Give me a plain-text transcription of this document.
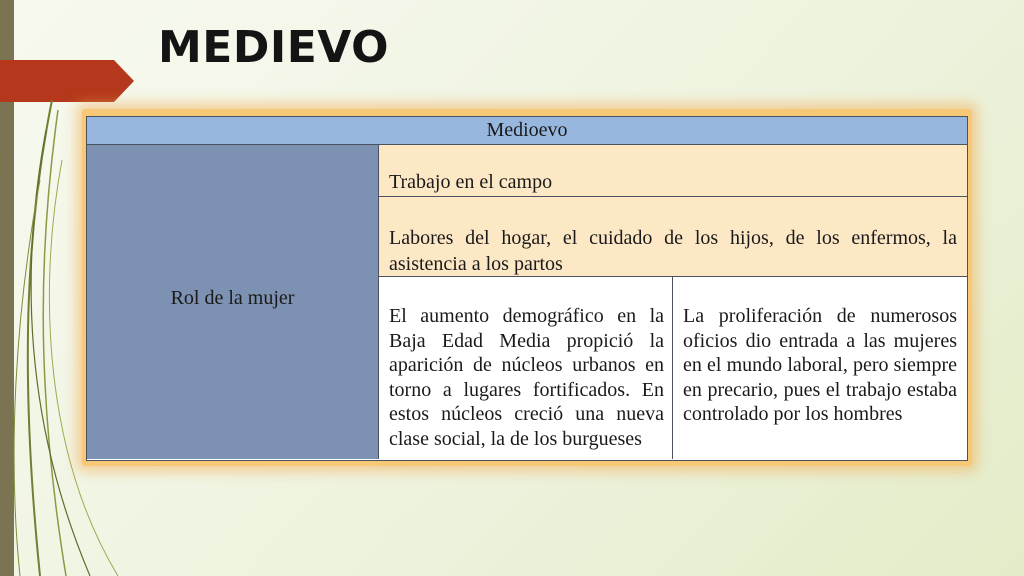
MEDIEVO
Medioevo
Rol de la mujer
Trabajo en el campo
Labores del hogar, el cuidado de los hijos, de los enfermos, la asistencia a los partos
El aumento demográfico en la Baja Edad Media propició la aparición de núcleos urbanos en torno a lugares fortificados. En estos núcleos creció una nueva clase social, la de los burgueses
La proliferación de numerosos oficios dio entrada a las mujeres en el mundo laboral, pero siempre en precario, pues el trabajo estaba controlado por los hombres
